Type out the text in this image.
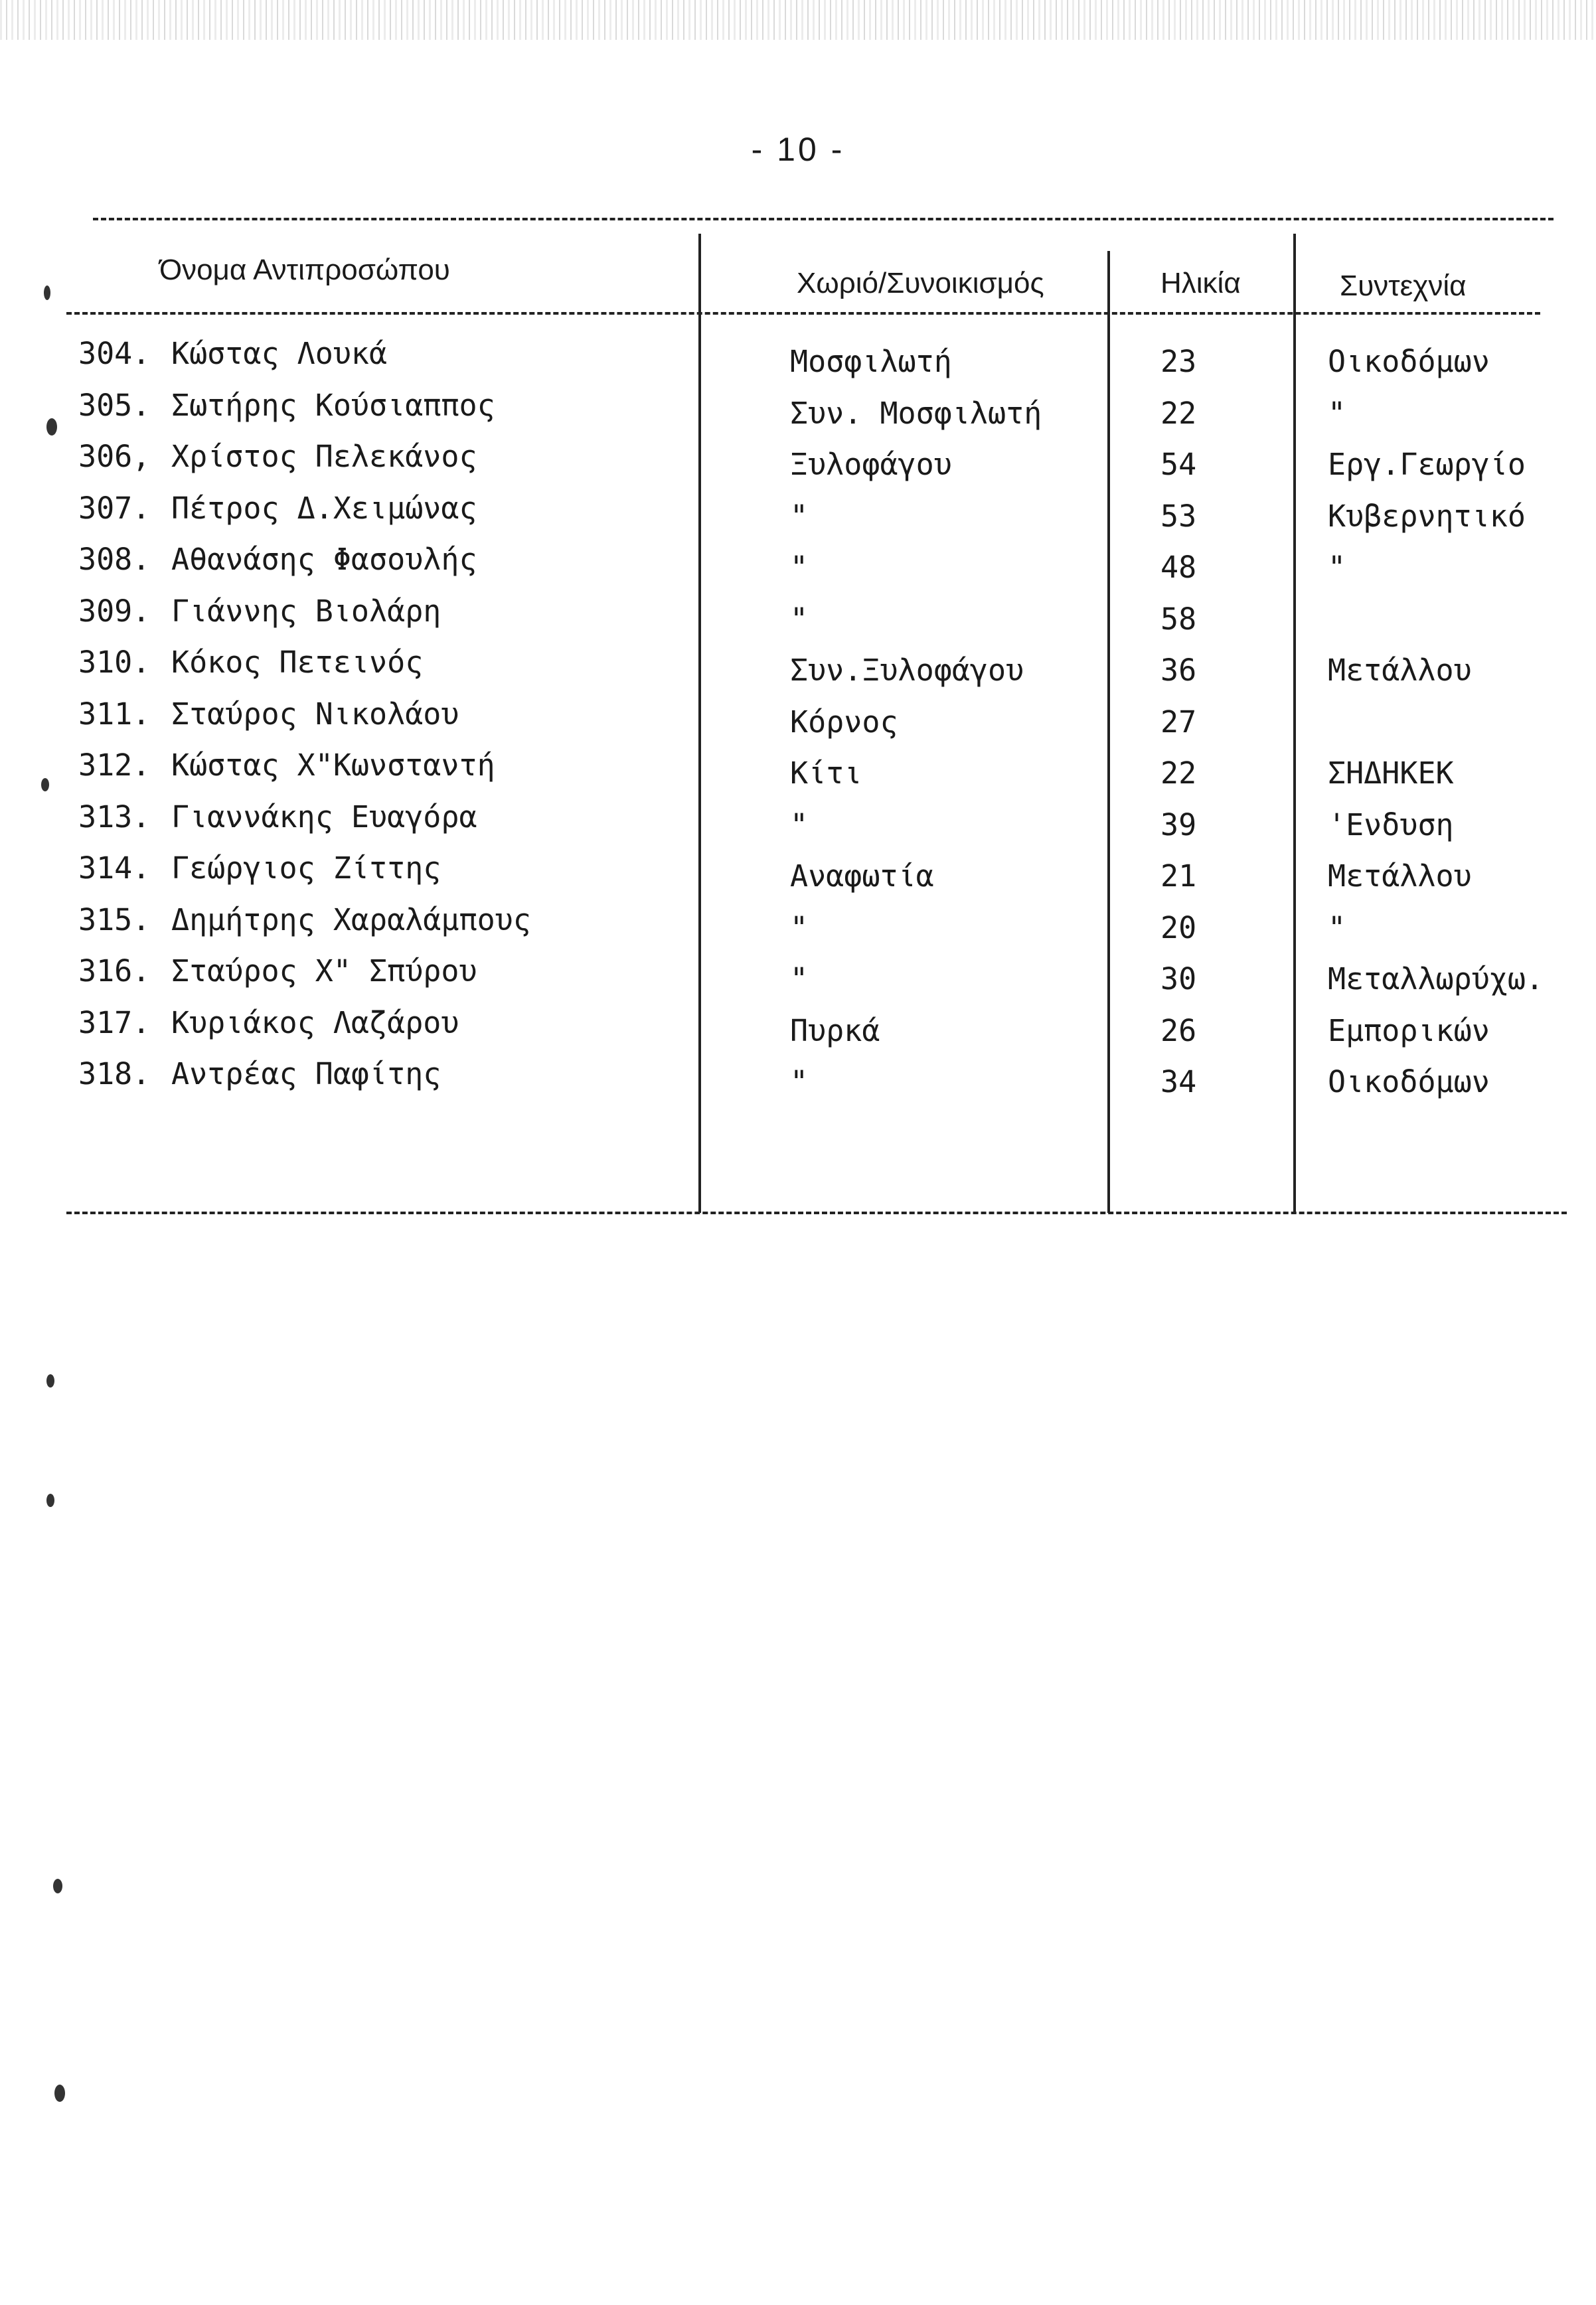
- 10 -
Όνομα Αντιπροσώπου	Χωριό/Συνοικισμός	Ηλικία	Συντεχνία
304. Κώστας Λουκά	Μοσφιλωτή	23	Οικοδόμων
305. Σωτήρης Κούσιαππος	Συν. Μοσφιλωτή	22	"
306, Χρίστος Πελεκάνος	Ξυλοφάγου	54	Εργ.Γεωργίο
307. Πέτρος Δ.Χειμώνας	"	53	Κυβερνητικό
308. Αθανάσης Φασουλής	"	48	"
309. Γιάννης Βιολάρη	"	58
310. Κόκος Πετεινός	Συν.Ξυλοφάγου	36	Μετάλλου
311. Σταύρος Νικολάου	Κόρνος	27
312. Κώστας Χ"Κωνσταντή	Κίτι	22	ΣΗΔΗΚΕΚ
313. Γιαννάκης Ευαγόρα	"	39	'Ενδυση
314. Γεώργιος Ζίττης	Αναφωτία	21	Μετάλλου
315. Δημήτρης Χαραλάμπους	"	20	"
316. Σταύρος Χ" Σπύρου	"	30	Μεταλλωρύχω.
317. Κυριάκος Λαζάρου	Πυρκά	26	Εμπορικών
318. Αντρέας Παφίτης	"	34	Οικοδόμων
